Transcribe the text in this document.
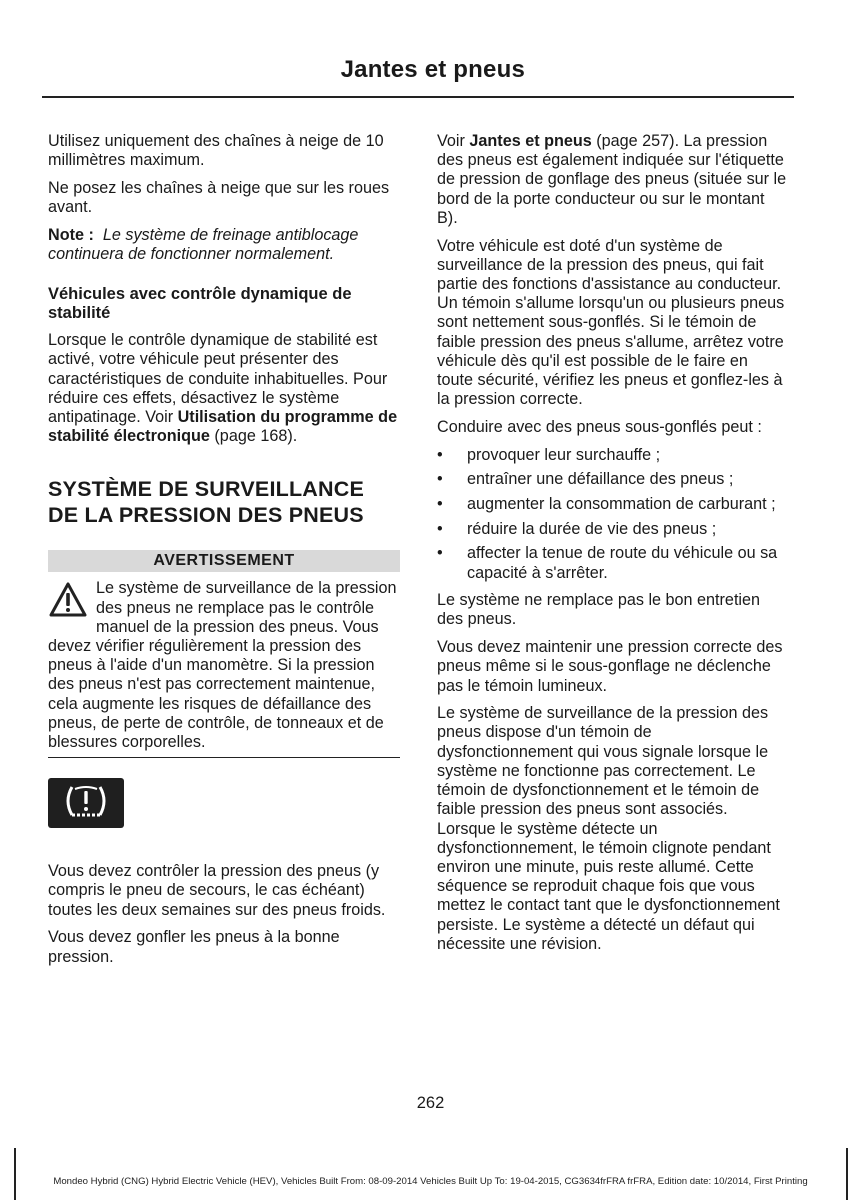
Jantes et pneus

Utilisez uniquement des chaînes à neige de 10 millimètres maximum.

Ne posez les chaînes à neige que sur les roues avant.

Note : Le système de freinage antiblocage continuera de fonctionner normalement.

Véhicules avec contrôle dynamique de stabilité

Lorsque le contrôle dynamique de stabilité est activé, votre véhicule peut présenter des caractéristiques de conduite inhabituelles. Pour réduire ces effets, désactivez le système antipatinage. Voir Utilisation du programme de stabilité électronique (page 168).

SYSTÈME DE SURVEILLANCE DE LA PRESSION DES PNEUS
AVERTISSEMENT
Le système de surveillance de la pression des pneus ne remplace pas le contrôle manuel de la pression des pneus. Vous devez vérifier régulièrement la pression des pneus à l'aide d'un manomètre. Si la pression des pneus n'est pas correctement maintenue, cela augmente les risques de défaillance des pneus, de perte de contrôle, de tonneaux et de blessures corporelles.

Vous devez contrôler la pression des pneus (y compris le pneu de secours, le cas échéant) toutes les deux semaines sur des pneus froids.

Vous devez gonfler les pneus à la bonne pression.

Voir Jantes et pneus (page 257). La pression des pneus est également indiquée sur l'étiquette de pression de gonflage des pneus (située sur le bord de la porte conducteur ou sur le montant B).

Votre véhicule est doté d'un système de surveillance de la pression des pneus, qui fait partie des fonctions d'assistance au conducteur. Un témoin s'allume lorsqu'un ou plusieurs pneus sont nettement sous-gonflés. Si le témoin de faible pression des pneus s'allume, arrêtez votre véhicule dès qu'il est possible de le faire en toute sécurité, vérifiez les pneus et gonflez-les à la pression correcte.

Conduire avec des pneus sous-gonflés peut :

• provoquer leur surchauffe ;
• entraîner une défaillance des pneus ;
• augmenter la consommation de carburant ;
• réduire la durée de vie des pneus ;
• affecter la tenue de route du véhicule ou sa capacité à s'arrêter.

Le système ne remplace pas le bon entretien des pneus.

Vous devez maintenir une pression correcte des pneus même si le sous-gonflage ne déclenche pas le témoin lumineux.

Le système de surveillance de la pression des pneus dispose d'un témoin de dysfonctionnement qui vous signale lorsque le système ne fonctionne pas correctement. Le témoin de dysfonctionnement et le témoin de faible pression des pneus sont associés. Lorsque le système détecte un dysfonctionnement, le témoin clignote pendant environ une minute, puis reste allumé. Cette séquence se reproduit chaque fois que vous mettez le contact tant que le dysfonctionnement persiste. Le système a détecté un défaut qui nécessite une révision.

262
Mondeo Hybrid (CNG) Hybrid Electric Vehicle (HEV), Vehicles Built From: 08-09-2014 Vehicles Built Up To: 19-04-2015, CG3634frFRA frFRA, Edition date: 10/2014, First Printing
